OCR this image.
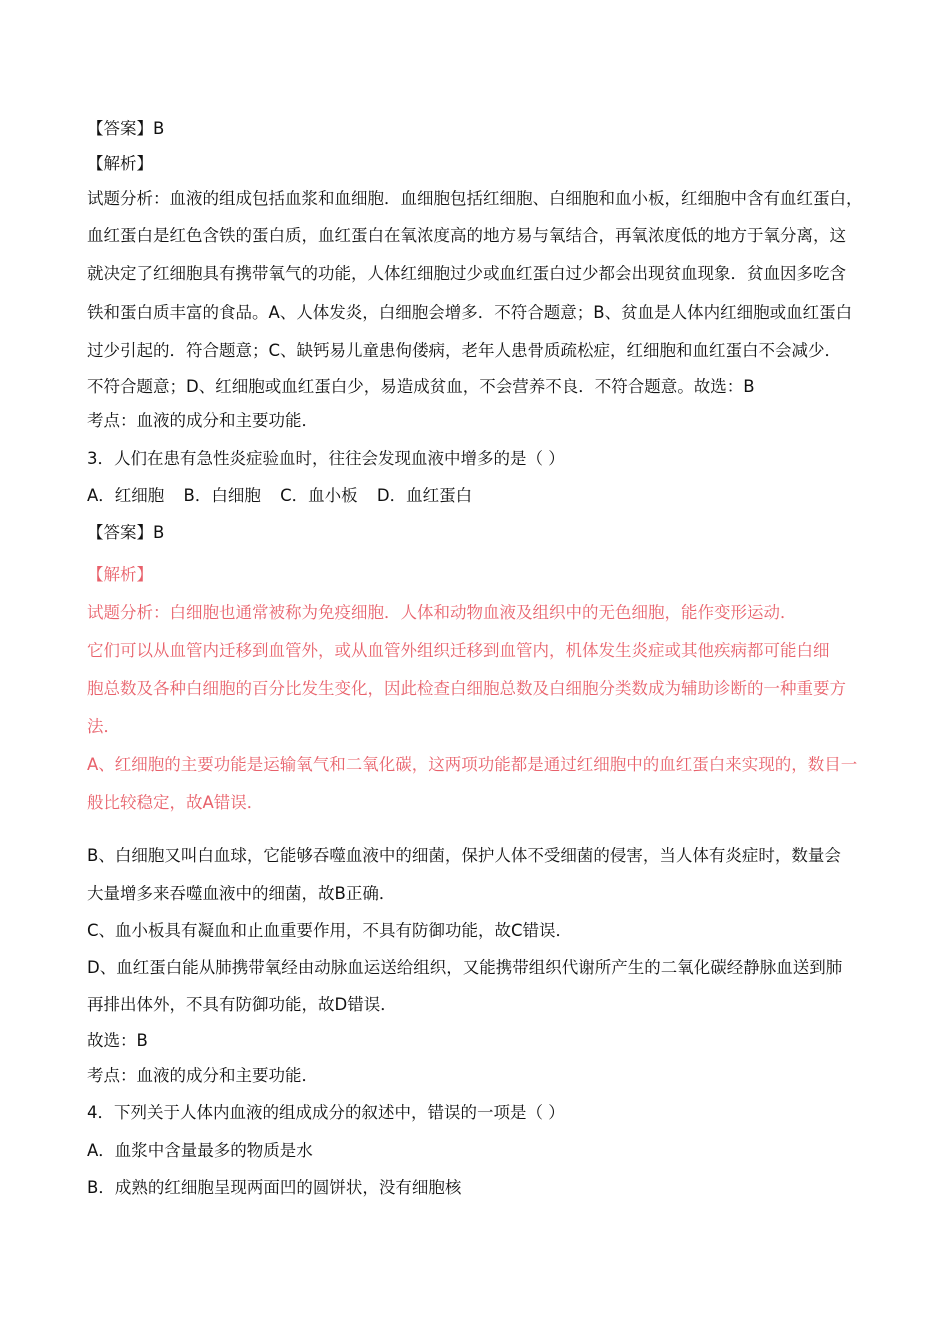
【答案】B
【解析】
试题分析：血液的组成包括血浆和血细胞．血细胞包括红细胞、白细胞和血小板，红细胞中含有血红蛋白，
血红蛋白是红色含铁的蛋白质，血红蛋白在氧浓度高的地方易与氧结合，再氧浓度低的地方于氧分离，这
就决定了红细胞具有携带氧气的功能，人体红细胞过少或血红蛋白过少都会出现贫血现象．贫血因多吃含
铁和蛋白质丰富的食品。A、人体发炎，白细胞会增多．不符合题意；B、贫血是人体内红细胞或血红蛋白
过少引起的．符合题意；C、缺钙易儿童患佝偻病，老年人患骨质疏松症，红细胞和血红蛋白不会减少．
不符合题意；D、红细胞或血红蛋白少，易造成贫血，不会营养不良．不符合题意。故选：B
考点：血液的成分和主要功能．
3．人们在患有急性炎症验血时，往往会发现血液中增多的是（ ）
A．红细胞 B．白细胞 C．血小板 D．血红蛋白
【答案】B
【解析】
试题分析：白细胞也通常被称为免疫细胞．人体和动物血液及组织中的无色细胞，能作变形运动．
它们可以从血管内迁移到血管外，或从血管外组织迁移到血管内，机体发生炎症或其他疾病都可能白细
胞总数及各种白细胞的百分比发生变化，因此检查白细胞总数及白细胞分类数成为辅助诊断的一种重要方
法．
A、红细胞的主要功能是运输氧气和二氧化碳，这两项功能都是通过红细胞中的血红蛋白来实现的，数目一
般比较稳定，故A错误．
B、白细胞又叫白血球，它能够吞噬血液中的细菌，保护人体不受细菌的侵害，当人体有炎症时，数量会
大量增多来吞噬血液中的细菌，故B正确．
C、血小板具有凝血和止血重要作用，不具有防御功能，故C错误．
D、血红蛋白能从肺携带氧经由动脉血运送给组织，又能携带组织代谢所产生的二氧化碳经静脉血送到肺
再排出体外，不具有防御功能，故D错误．
故选：B
考点：血液的成分和主要功能．
4．下列关于人体内血液的组成成分的叙述中，错误的一项是（ ）
A．血浆中含量最多的物质是水
B．成熟的红细胞呈现两面凹的圆饼状，没有细胞核
